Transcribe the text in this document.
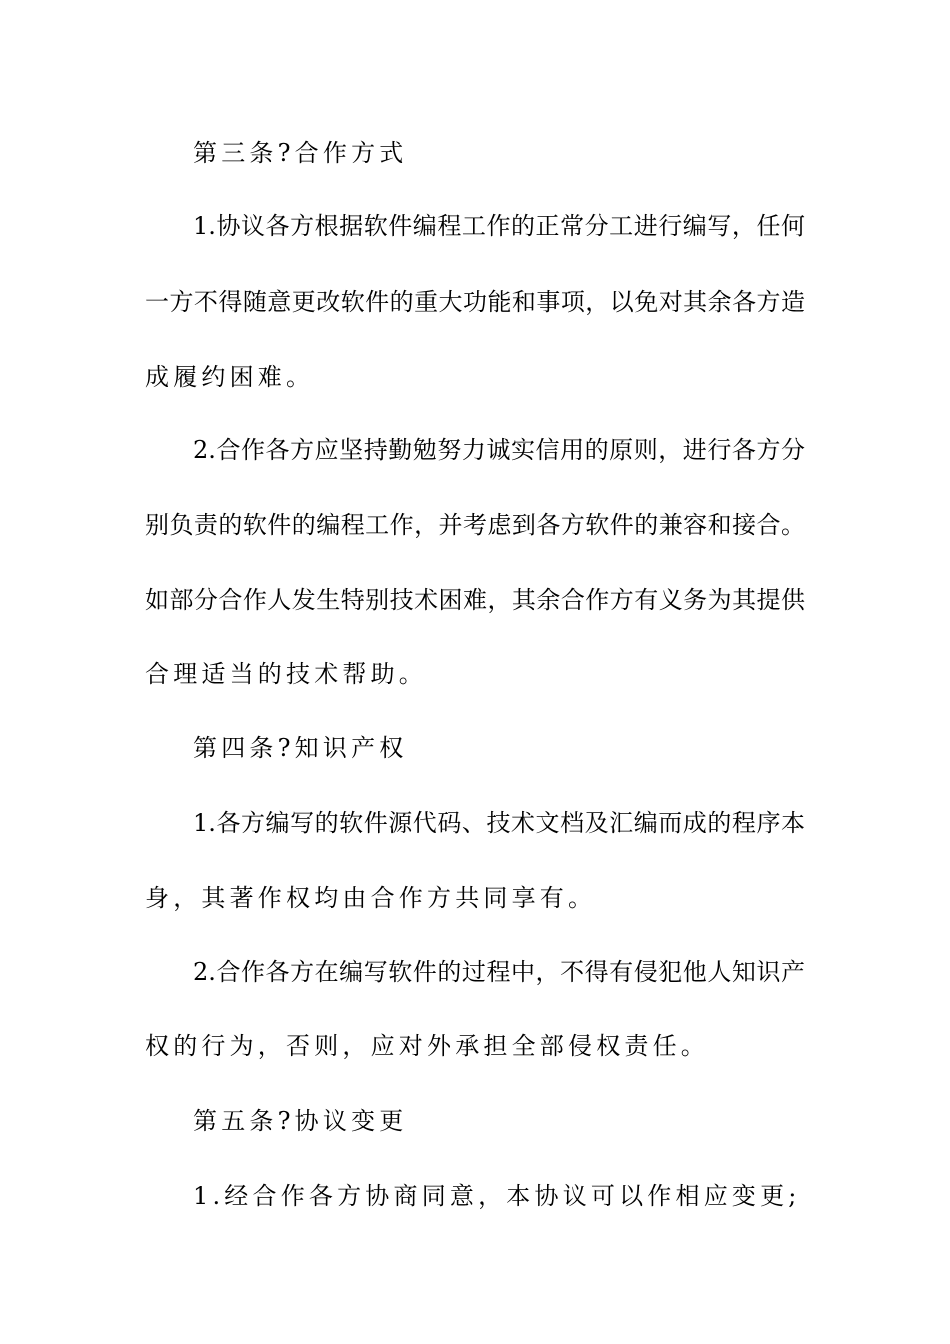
第三条?合作方式
1.协议各方根据软件编程工作的正常分工进行编写，任何
一方不得随意更改软件的重大功能和事项，以免对其余各方造
成履约困难。
2.合作各方应坚持勤勉努力诚实信用的原则，进行各方分
别负责的软件的编程工作，并考虑到各方软件的兼容和接合。
如部分合作人发生特别技术困难，其余合作方有义务为其提供
合理适当的技术帮助。
第四条?知识产权
1.各方编写的软件源代码、技术文档及汇编而成的程序本
身，其著作权均由合作方共同享有。
2.合作各方在编写软件的过程中，不得有侵犯他人知识产
权的行为，否则，应对外承担全部侵权责任。
第五条?协议变更
1.经合作各方协商同意，本协议可以作相应变更;
